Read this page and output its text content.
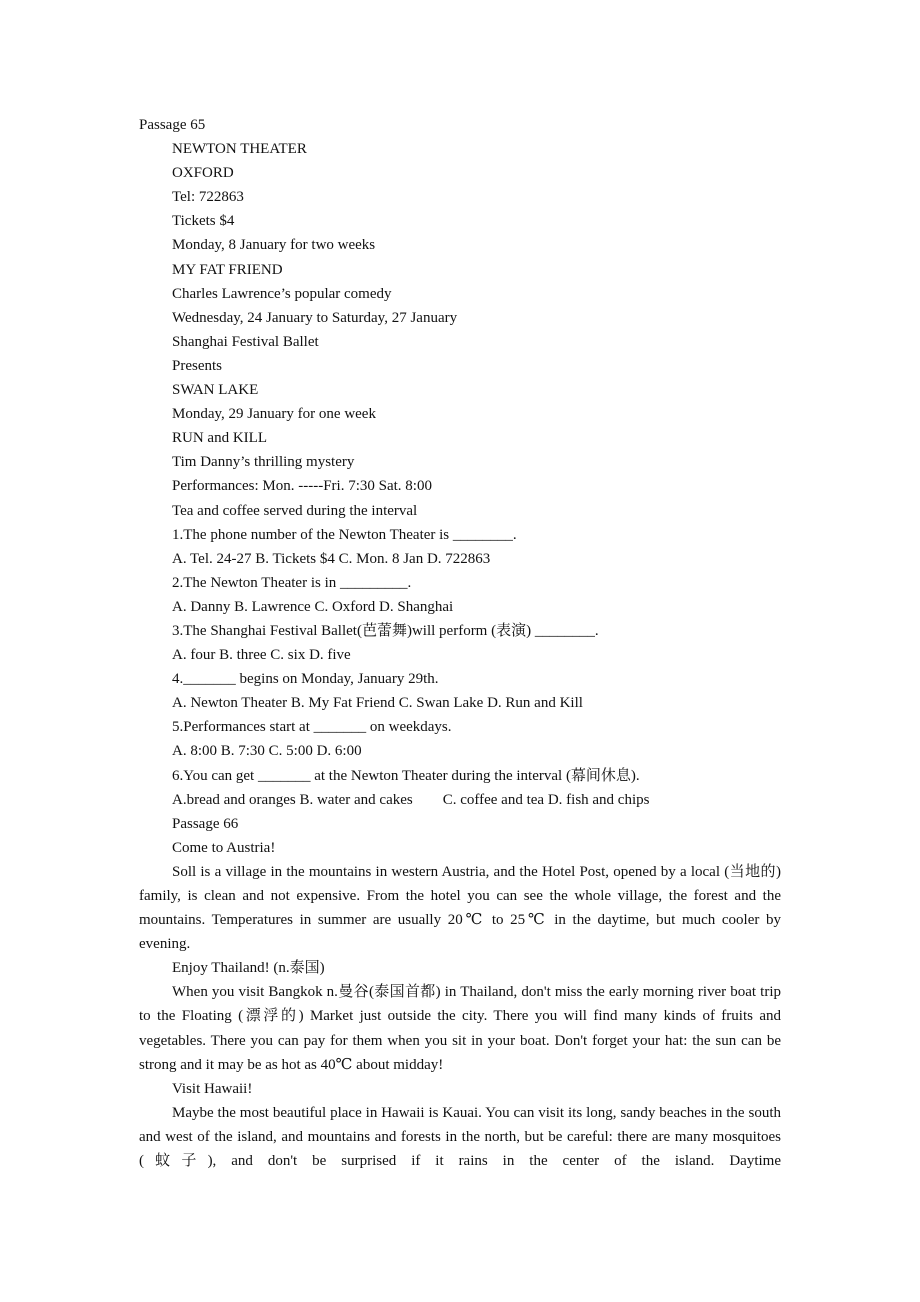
Passage 65
NEWTON THEATER
OXFORD
Tel: 722863
Tickets $4
Monday, 8 January for two weeks
MY FAT FRIEND
Charles Lawrence’s popular comedy
Wednesday, 24 January to Saturday, 27 January
Shanghai Festival Ballet
Presents
SWAN LAKE
Monday, 29 January for one week
RUN and KILL
Tim Danny’s thrilling mystery
Performances: Mon. -----Fri. 7:30 Sat. 8:00
Tea and coffee served during the interval
1.The phone number of the Newton Theater is ________.
A. Tel. 24-27 B. Tickets $4 C. Mon. 8 Jan D. 722863
2.The Newton Theater is in _________.
A. Danny B. Lawrence C. Oxford D. Shanghai
3.The Shanghai Festival Ballet(芭蕾舞)will perform (表演) ________.
A. four B. three C. six D. five
4._______ begins on Monday, January 29th.
A. Newton Theater B. My Fat Friend C. Swan Lake D. Run and Kill
5.Performances start at _______ on weekdays.
A. 8:00 B. 7:30 C. 5:00 D. 6:00
6.You can get _______ at the Newton Theater during the interval (幕间休息).
A.bread and oranges B. water and cakes        C. coffee and tea D. fish and chips
Passage 66
Come to Austria!

Soll is a village in the mountains in western Austria, and the Hotel Post, opened by a local (当地的) family, is clean and not expensive. From the hotel you can see the whole village, the forest and the mountains. Temperatures in summer are usually 20℃ to 25℃ in the daytime, but much cooler by evening.

Enjoy Thailand! (n.泰国)

When you visit Bangkok n.曼谷(泰国首都) in Thailand, don't miss the early morning river boat trip to the Floating (漂浮的) Market just outside the city. There you will find many kinds of fruits and vegetables. There you can pay for them when you sit in your boat. Don't forget your hat: the sun can be strong and it may be as hot as 40℃ about midday!

Visit Hawaii!

Maybe the most beautiful place in Hawaii is Kauai. You can visit its long, sandy beaches in the south and west of the island, and mountains and forests in the north, but be careful: there are many mosquitoes (蚊子), and don't be surprised if it rains in the center of the island. Daytime
